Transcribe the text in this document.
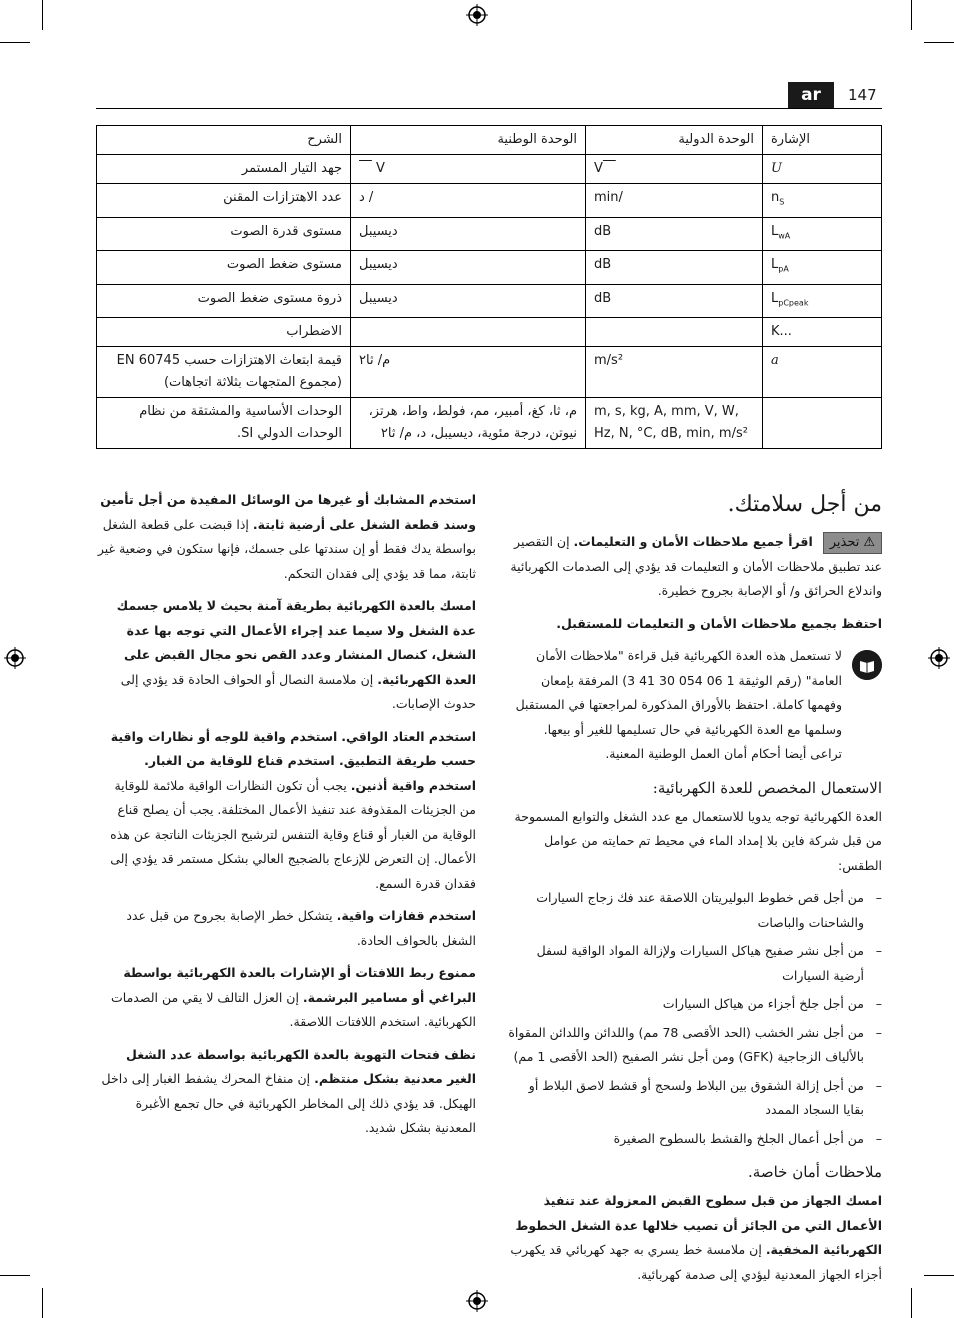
ar	147
الإشارة	الوحدة الدولية	الوحدة الوطنية	الشرح
U	V   	   V	جهد التيار المستمر
$n_S$	min/	/ د	عدد الاهتزازات المقنن
$L_{wA}$	dB	ديسيبل	مستوى قدرة الصوت
$L_{pA}$	dB	ديسيبل	مستوى ضغط الصوت
$L_{pCpeak}$	dB	ديسيبل	ذروة مستوى ضغط الصوت
K...			الاضطراب
a	m/s²	م/ ثا٢	قيمة ابتعاث الاهتزازات حسب EN 60745 (مجموع المتجهات بثلاثة اتجاهات)
	m, s, kg, A, mm, V, W, Hz, N, °C, dB, min, m/s²	م، ثا، كغ، أمبير، مم، فولط، واط، هرتز، نيوتن، درجة مئوية، ديسيبل، د، م/ ثا٢	الوحدات الأساسية والمشتقة من نظام الوحدات الدولي SI.
من أجل سلامتك.

⚠تحذير اقرأ جميع ملاحظات الأمان و التعليمات. إن التقصير عند تطبيق ملاحظات الأمان و التعليمات قد يؤدي إلى الصدمات الكهربائية واندلاع الحرائق و/ أو الإصابة بجروح خطيرة.

احتفظ بجميع ملاحظات الأمان و التعليمات للمستقبل.

لا تستعمل هذه العدة الكهربائية قبل قراءة "ملاحظات الأمان العامة" (رقم الوثيقة 1 06 054 30 41 3) المرفقة بإمعان وفهمها كاملة. احتفظ بالأوراق المذكورة لمراجعتها في المستقبل وسلمها مع العدة الكهربائية في حال تسليمها للغير أو بيعها.

تراعى أيضا أحكام أمان العمل الوطنية المعنية.

الاستعمال المخصص للعدة الكهربائية:

العدة الكهربائية توجه يدويا للاستعمال مع عدد الشغل والتوابع المسموحة من قبل شركة فاين بلا إمداد الماء في محيط تم حمايته من عوامل الطقس:

– من أجل قص خطوط البوليريتان اللاصقة عند فك زجاج السيارات والشاحنات والباصات
– من أجل نشر صفيح هياكل السيارات ولإزالة المواد الواقية لسفل أرضية السيارات
– من أجل جلخ أجزاء من هياكل السيارات
– من أجل نشر الخشب (الحد الأقصى 78 مم) واللدائن واللدائن المقواة بالألياف الزجاجية (GFK) ومن أجل نشر الصفيح (الحد الأقصى 1 مم)
– من أجل إزالة الشقوق بين البلاط ولسحج أو قشط لاصق البلاط أو بقايا السجاد الممدد
– من أجل أعمال الجلخ والقشط بالسطوح الصغيرة
ملاحظات أمان خاصة.

امسك الجهاز من قبل سطوح القبض المعزولة عند تنفيذ الأعمال التي من الجائز أن تصيب خلالها عدة الشغل الخطوط الكهربائية المخفية. إن ملامسة خط يسري به جهد كهربائي قد يكهرب أجزاء الجهاز المعدنية ليؤدي إلى صدمة كهربائية.

استخدم المشابك أو غيرها من الوسائل المفيدة من أجل تأمين وسند قطعة الشغل على أرضية ثابتة. إذا قبضت على قطعة الشغل بواسطة يدك فقط أو إن سندتها على جسمك، فإنها ستكون في وضعية غير ثابتة، مما قد يؤدي إلى فقدان التحكم.

امسك بالعدة الكهربائية بطريقة آمنة بحيث لا يلامس جسمك عدة الشغل ولا سيما عند إجراء الأعمال التي توجه بها عدة الشغل، كنصال المنشار وعدد القص نحو مجال القبض على العدة الكهربائية. إن ملامسة النصال أو الحواف الحادة قد يؤدي إلى حدوث الإصابات.

استخدم العتاد الواقي. استخدم واقية للوجه أو نظارات واقية حسب طريقة التطبيق. استخدم قناع للوقاية من الغبار. استخدم واقية أذنين. يجب أن تكون النظارات الواقية ملائمة للوقاية من الجزيئات المقذوفة عند تنفيذ الأعمال المختلفة. يجب أن يصلح قناع الوقاية من الغبار أو قناع وقاية التنفس لترشيح الجزيئات الناتجة عن هذه الأعمال. إن التعرض للإزعاج بالضجيج العالي بشكل مستمر قد يؤدي إلى فقدان قدرة السمع.

استخدم قفازات واقية. يتشكل خطر الإصابة بجروح من قبل عدد الشغل بالحواف الحادة.

ممنوع ربط اللافتات أو الإشارات بالعدة الكهربائية بواسطة البراغي أو مسامير البرشمة. إن العزل التالف لا يقي من الصدمات الكهربائية. استخدم اللافتات اللاصقة.

نظف فتحات التهوية بالعدة الكهربائية بواسطة عدد الشغل الغير معدنية بشكل منتظم. إن منفاخ المحرك يشفط الغبار إلى داخل الهيكل. قد يؤدي ذلك إلى المخاطر الكهربائية في حال تجمع الأغبرة المعدنية بشكل شديد.
